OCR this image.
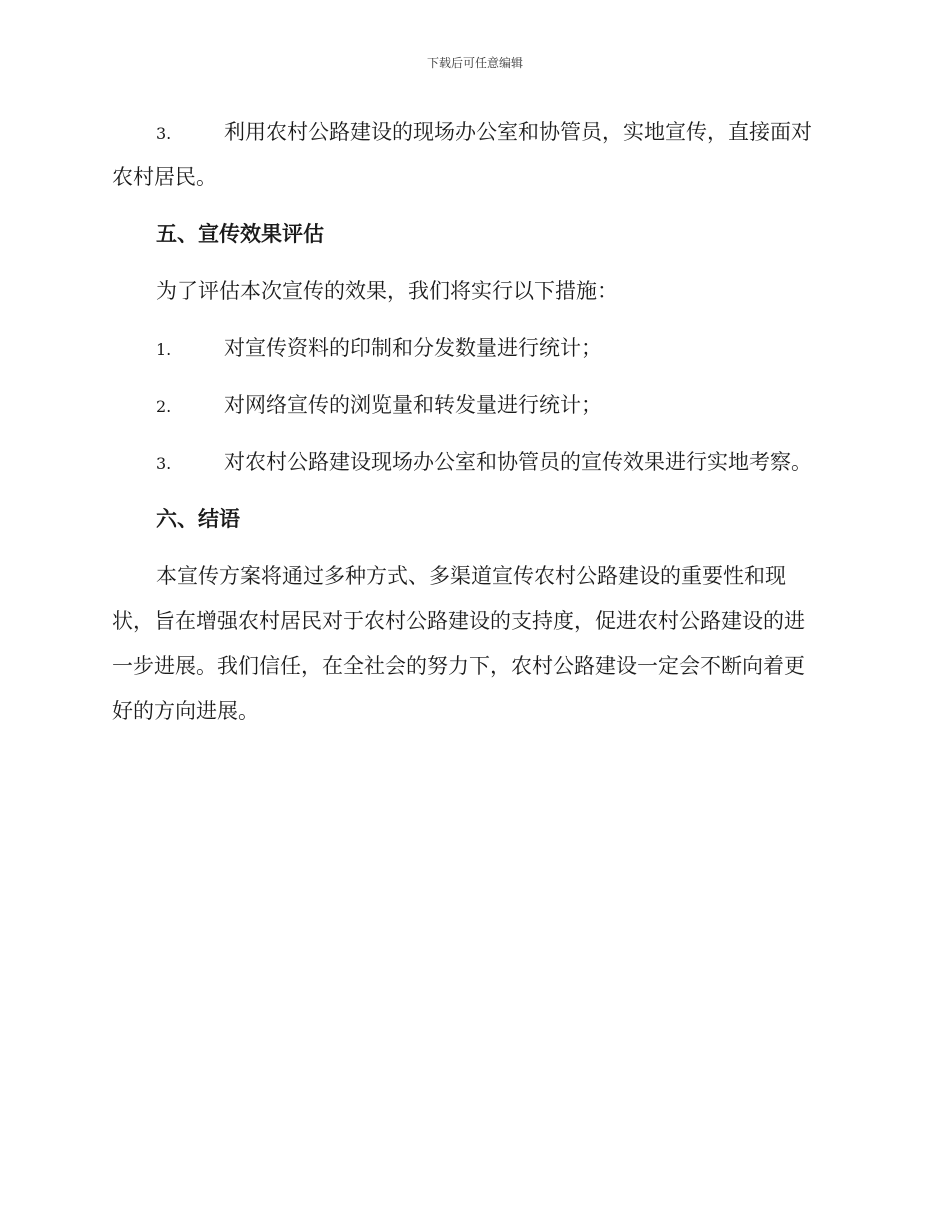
下载后可任意编辑
3.	利用农村公路建设的现场办公室和协管员，实地宣传，直接面对
农村居民。
五、宣传效果评估
为了评估本次宣传的效果，我们将实行以下措施：
1.	对宣传资料的印制和分发数量进行统计；
2.	对网络宣传的浏览量和转发量进行统计；
3.	对农村公路建设现场办公室和协管员的宣传效果进行实地考察。
六、结语
本宣传方案将通过多种方式、多渠道宣传农村公路建设的重要性和现
状，旨在增强农村居民对于农村公路建设的支持度，促进农村公路建设的进
一步进展。我们信任，在全社会的努力下，农村公路建设一定会不断向着更
好的方向进展。
